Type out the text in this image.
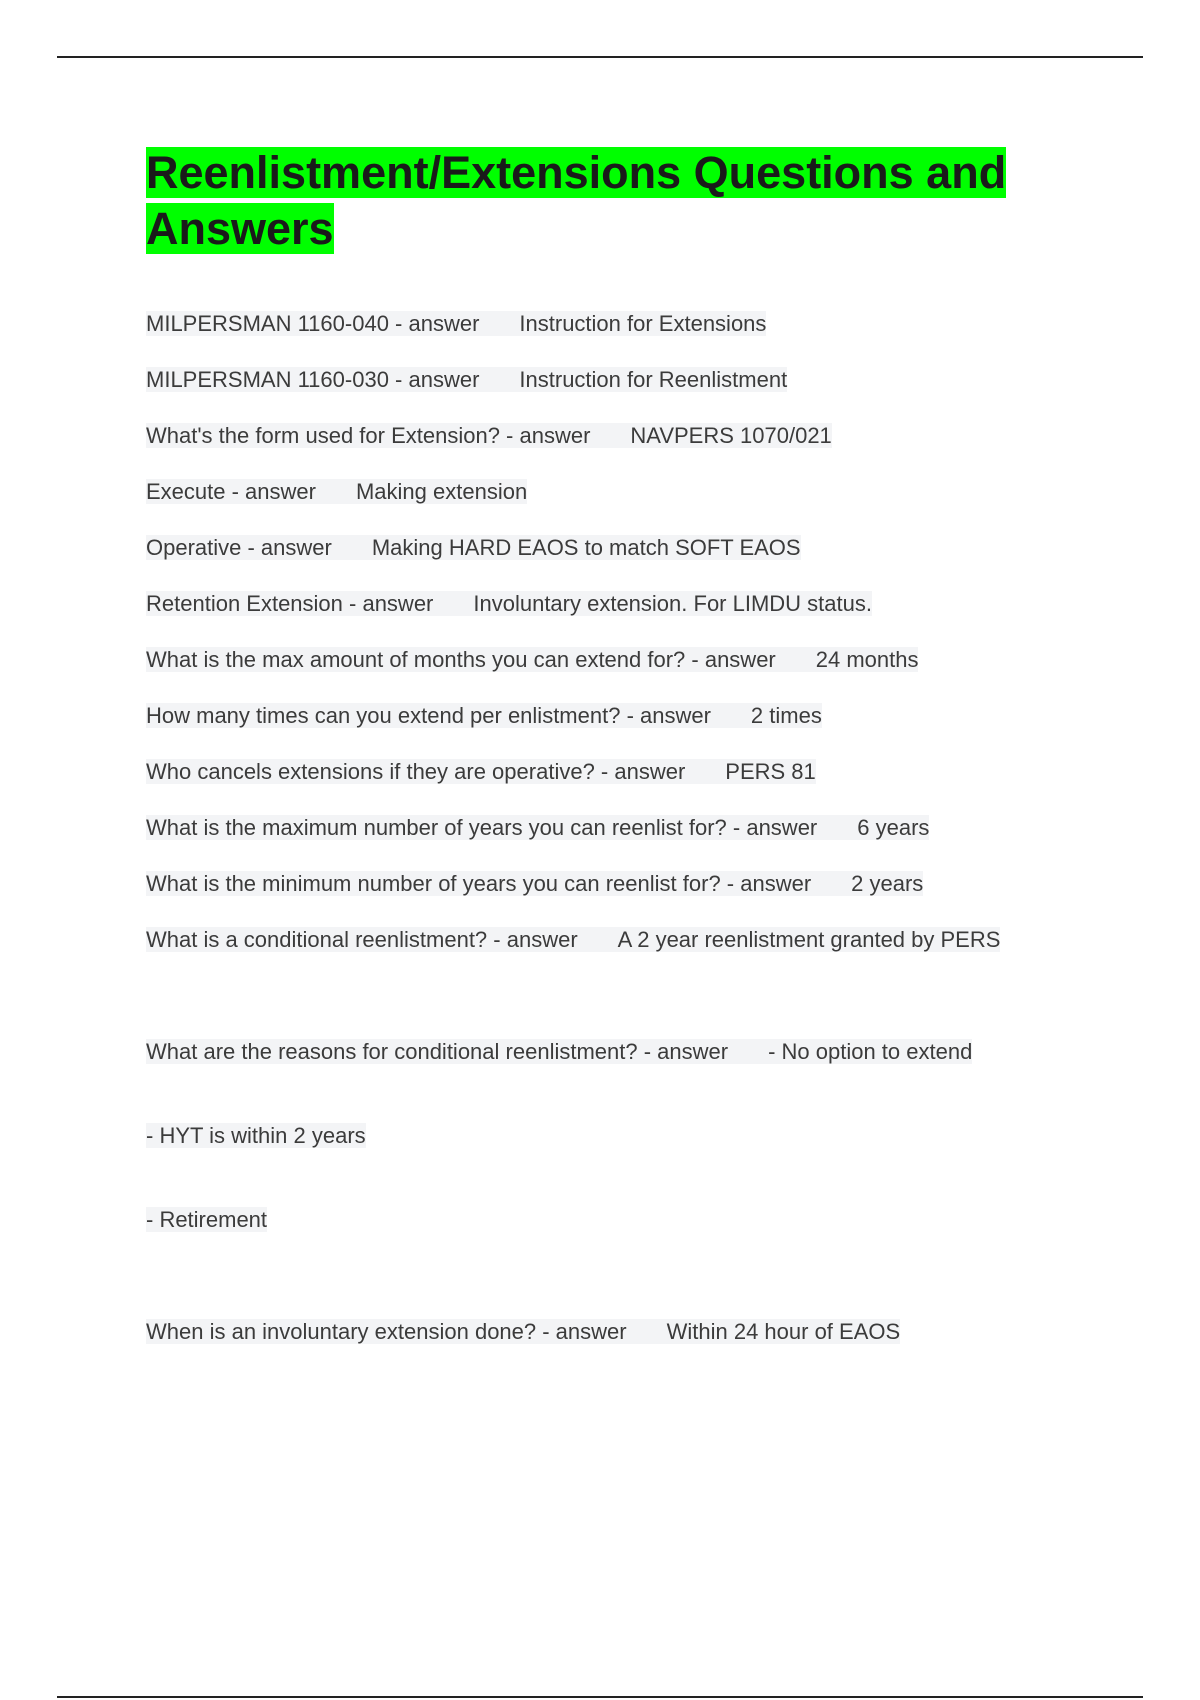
Reenlistment/Extensions Questions and Answers

MILPERSMAN 1160-040 - answer Instruction for Extensions

MILPERSMAN 1160-030 - answer Instruction for Reenlistment

What's the form used for Extension? - answer NAVPERS 1070/021

Execute - answer Making extension

Operative - answer Making HARD EAOS to match SOFT EAOS

Retention Extension - answer Involuntary extension. For LIMDU status.

What is the max amount of months you can extend for? - answer 24 months

How many times can you extend per enlistment? - answer 2 times

Who cancels extensions if they are operative? - answer PERS 81

What is the maximum number of years you can reenlist for? - answer 6 years

What is the minimum number of years you can reenlist for? - answer 2 years

What is a conditional reenlistment? - answer A 2 year reenlistment granted by PERS

What are the reasons for conditional reenlistment? - answer - No option to extend

- HYT is within 2 years

- Retirement

When is an involuntary extension done? - answer Within 24 hour of EAOS
